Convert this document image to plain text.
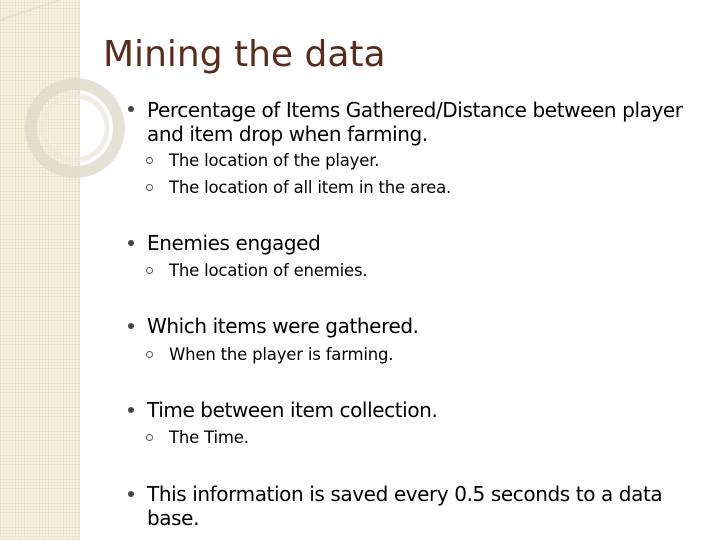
Mining the data
Percentage of Items Gathered/Distance between player and item drop when farming.
The location of the player.
The location of all item in the area.
Enemies engaged
The location of enemies.
Which items were gathered.
When the player is farming.
Time between item collection.
The Time.
This information is saved every 0.5 seconds to a data base.
